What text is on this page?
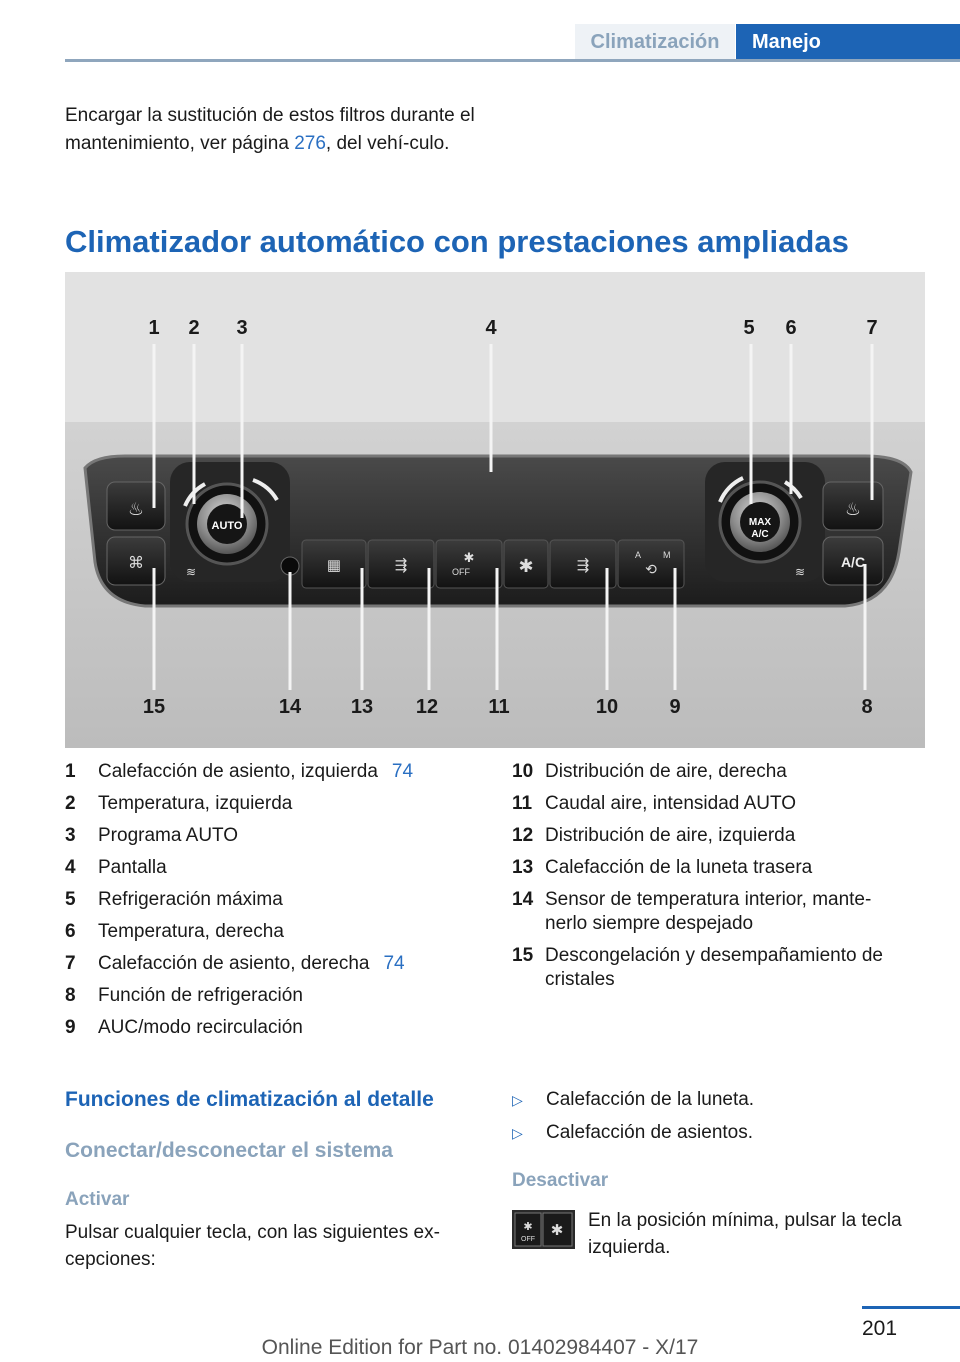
Climatización	Manejo

Encargar la sustitución de estos filtros durante el mantenimiento, ver página 276, del vehí-culo.

Climatizador automático con prestaciones ampliadas
AUTO	MAX
A/C
♨
⌘	≋
♨
A/C
≋
▦	⇶	✱
OFF	✱	⇶
A M
⟲
1 2 3	4	5 6	7
15	14 13 12	11	10	9	8
1	Calefacción de asiento, izquierda 74
2	Temperatura, izquierda
3	Programa AUTO
4	Pantalla
5	Refrigeración máxima
6	Temperatura, derecha
7	Calefacción de asiento, derecha 74
8	Función de refrigeración
9	AUC/modo recirculación
10 Distribución de aire, derecha
11 Caudal aire, intensidad AUTO
12 Distribución de aire, izquierda
13 Calefacción de la luneta trasera
14 Sensor de temperatura interior, mante-nerlo siempre despejado
15 Descongelación y desempañamiento de cristales
Funciones de climatización al detalle
Conectar/desconectar el sistema
Activar

Pulsar cualquier tecla, con las siguientes ex-cepciones:

▷	Calefacción de la luneta.
▷	Calefacción de asientos.
Desactivar
✱
OFF
✱ En la posición mínima, pulsar la tecla izquierda.

201
Online Edition for Part no. 01402984407 - X/17
